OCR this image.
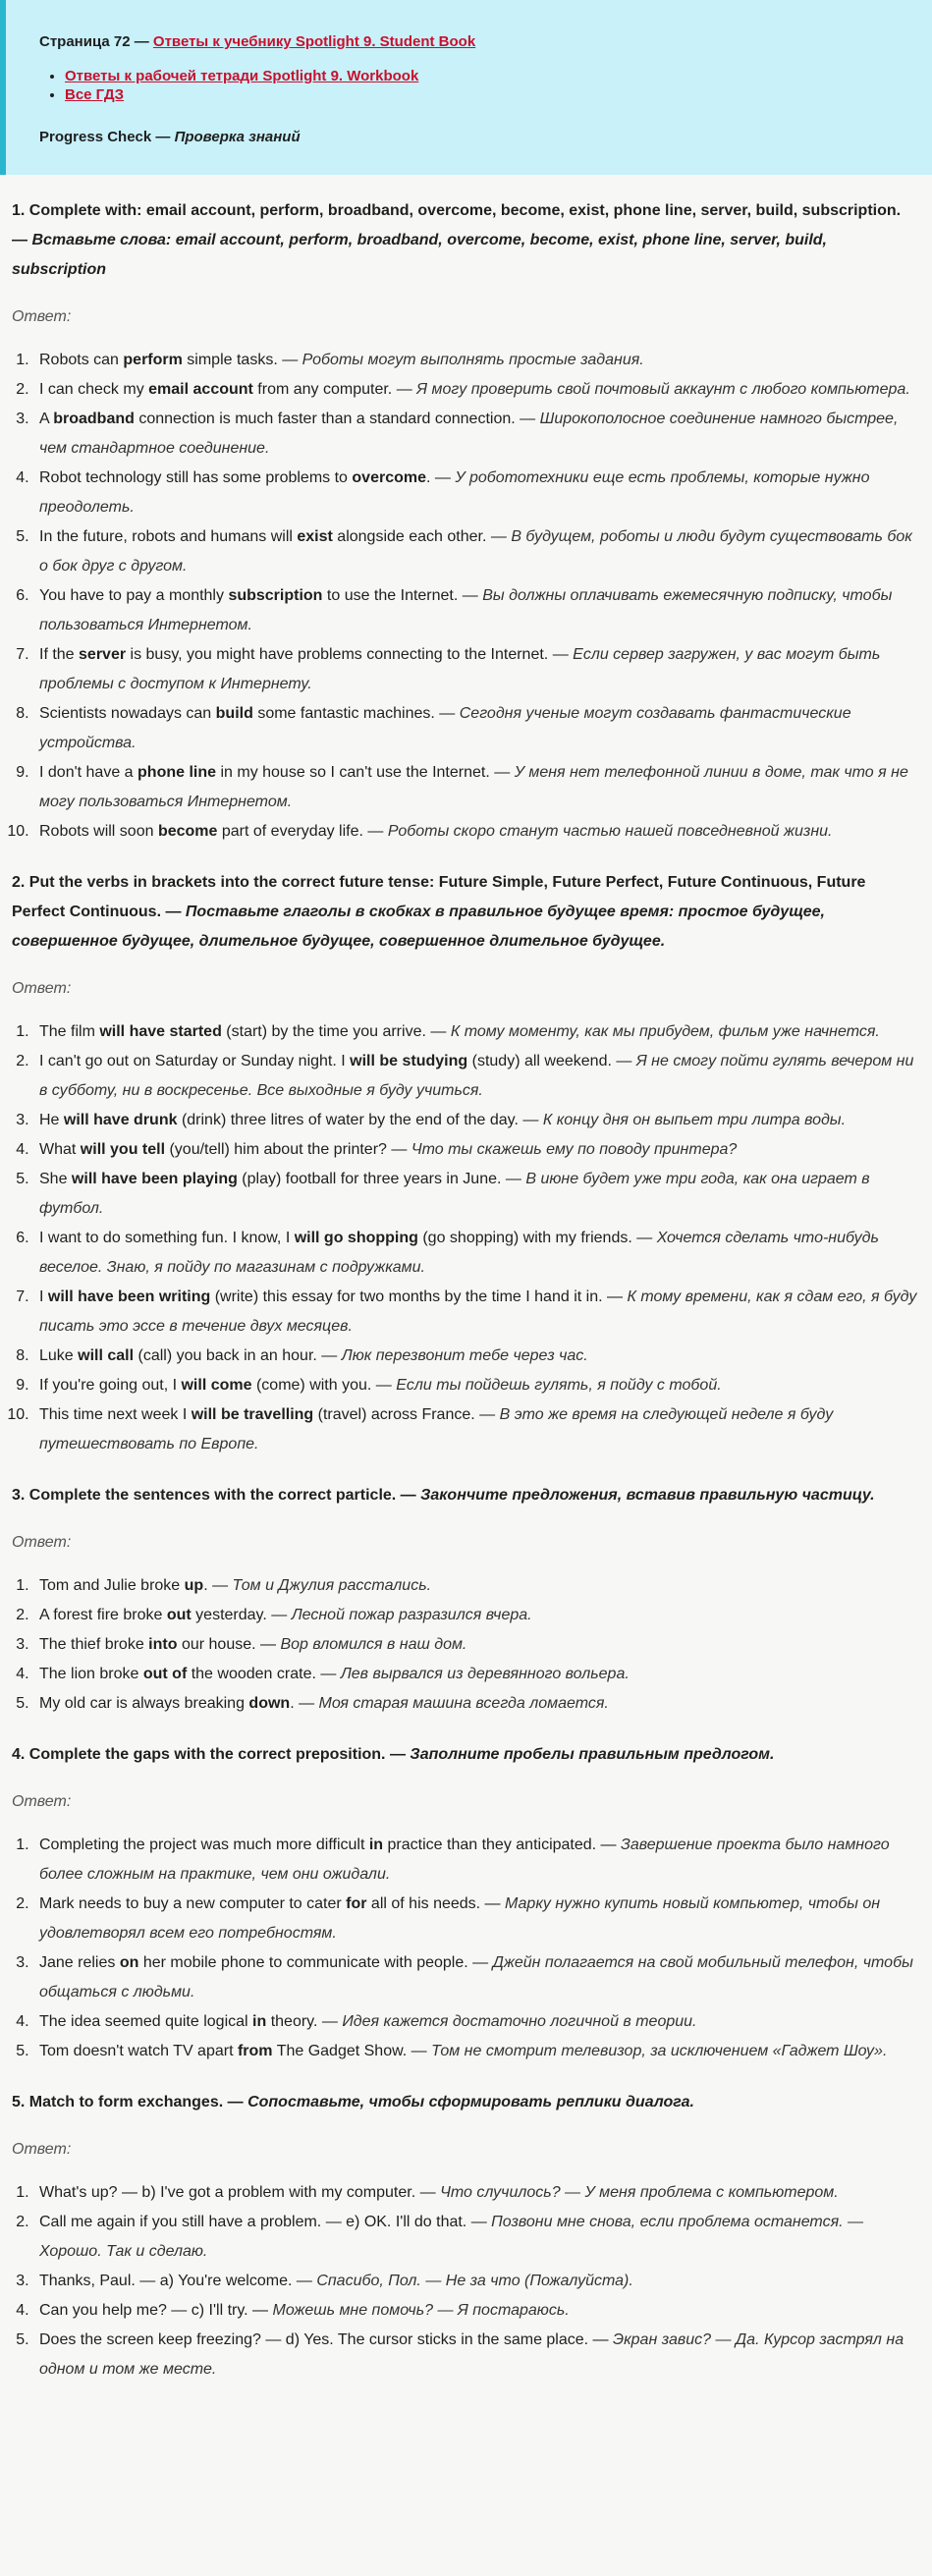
Страница 72 — Ответы к учебнику Spotlight 9. Student Book

• Ответы к рабочей тетради Spotlight 9. Workbook
• Все ГДЗ
Progress Check — Проверка знаний

1. Complete with: email account, perform, broadband, overcome, become, exist, phone line, server, build, subscription. — Вставьте слова: email account, perform, broadband, overcome, become, exist, phone line, server, build, subscription

Ответ:

1. Robots can perform simple tasks. — Роботы могут выполнять простые задания.
2. I can check my email account from any computer. — Я могу проверить свой почтовый аккаунт с любого компьютера.
3. A broadband connection is much faster than a standard connection. — Широкополосное соединение намного быстрее, чем стандартное соединение.
4. Robot technology still has some problems to overcome. — У робототехники еще есть проблемы, которые нужно преодолеть.
5. In the future, robots and humans will exist alongside each other. — В будущем, роботы и люди будут существовать бок о бок друг с другом.
6. You have to pay a monthly subscription to use the Internet. — Вы должны оплачивать ежемесячную подписку, чтобы пользоваться Интернетом.
7. If the server is busy, you might have problems connecting to the Internet. — Если сервер загружен, у вас могут быть проблемы с доступом к Интернету.
8. Scientists nowadays can build some fantastic machines. — Сегодня ученые могут создавать фантастические устройства.
9. I don't have a phone line in my house so I can't use the Internet. — У меня нет телефонной линии в доме, так что я не могу пользоваться Интернетом.
10. Robots will soon become part of everyday life. — Роботы скоро станут частью нашей повседневной жизни.

2. Put the verbs in brackets into the correct future tense: Future Simple, Future Perfect, Future Continuous, Future Perfect Continuous. — Поставьте глаголы в скобках в правильное будущее время: простое будущее, совершенное будущее, длительное будущее, совершенное длительное будущее.

Ответ:

1. The film will have started (start) by the time you arrive. — К тому моменту, как мы прибудем, фильм уже начнется.
2. I can't go out on Saturday or Sunday night. I will be studying (study) all weekend. — Я не смогу пойти гулять вечером ни в субботу, ни в воскресенье. Все выходные я буду учиться.
3. He will have drunk (drink) three litres of water by the end of the day. — К концу дня он выпьет три литра воды.
4. What will you tell (you/tell) him about the printer? — Что ты скажешь ему по поводу принтера?
5. She will have been playing (play) football for three years in June. — В июне будет уже три года, как она играет в футбол.
6. I want to do something fun. I know, I will go shopping (go shopping) with my friends. — Хочется сделать что-нибудь веселое. Знаю, я пойду по магазинам с подружками.
7. I will have been writing (write) this essay for two months by the time I hand it in. — К тому времени, как я сдам его, я буду писать это эссе в течение двух месяцев.
8. Luke will call (call) you back in an hour. — Люк перезвонит тебе через час.
9. If you're going out, I will come (come) with you. — Если ты пойдешь гулять, я пойду с тобой.
10. This time next week I will be travelling (travel) across France. — В это же время на следующей неделе я буду путешествовать по Европе.

3. Complete the sentences with the correct particle. — Закончите предложения, вставив правильную частицу.

Ответ:

1. Tom and Julie broke up. — Том и Джулия расстались.
2. A forest fire broke out yesterday. — Лесной пожар разразился вчера.
3. The thief broke into our house. — Вор вломился в наш дом.
4. The lion broke out of the wooden crate. — Лев вырвался из деревянного вольера.
5. My old car is always breaking down. — Моя старая машина всегда ломается.

4. Complete the gaps with the correct preposition. — Заполните пробелы правильным предлогом.

Ответ:

1. Completing the project was much more difficult in practice than they anticipated. — Завершение проекта было намного более сложным на практике, чем они ожидали.
2. Mark needs to buy a new computer to cater for all of his needs. — Марку нужно купить новый компьютер, чтобы он удовлетворял всем его потребностям.
3. Jane relies on her mobile phone to communicate with people. — Джейн полагается на свой мобильный телефон, чтобы общаться с людьми.
4. The idea seemed quite logical in theory. — Идея кажется достаточно логичной в теории.
5. Tom doesn't watch TV apart from The Gadget Show. — Том не смотрит телевизор, за исключением «Гаджет Шоу».

5. Match to form exchanges. — Сопоставьте, чтобы сформировать реплики диалога.

Ответ:

1. What's up? — b) I've got a problem with my computer. — Что случилось? — У меня проблема с компьютером.
2. Call me again if you still have a problem. — e) OK. I'll do that. — Позвони мне снова, если проблема останется. — Хорошо. Так и сделаю.
3. Thanks, Paul. — a) You're welcome. — Спасибо, Пол. — Не за что (Пожалуйста).
4. Can you help me? — c) I'll try. — Можешь мне помочь? — Я постараюсь.
5. Does the screen keep freezing? — d) Yes. The cursor sticks in the same place. — Экран завис? — Да. Курсор застрял на одном и том же месте.
